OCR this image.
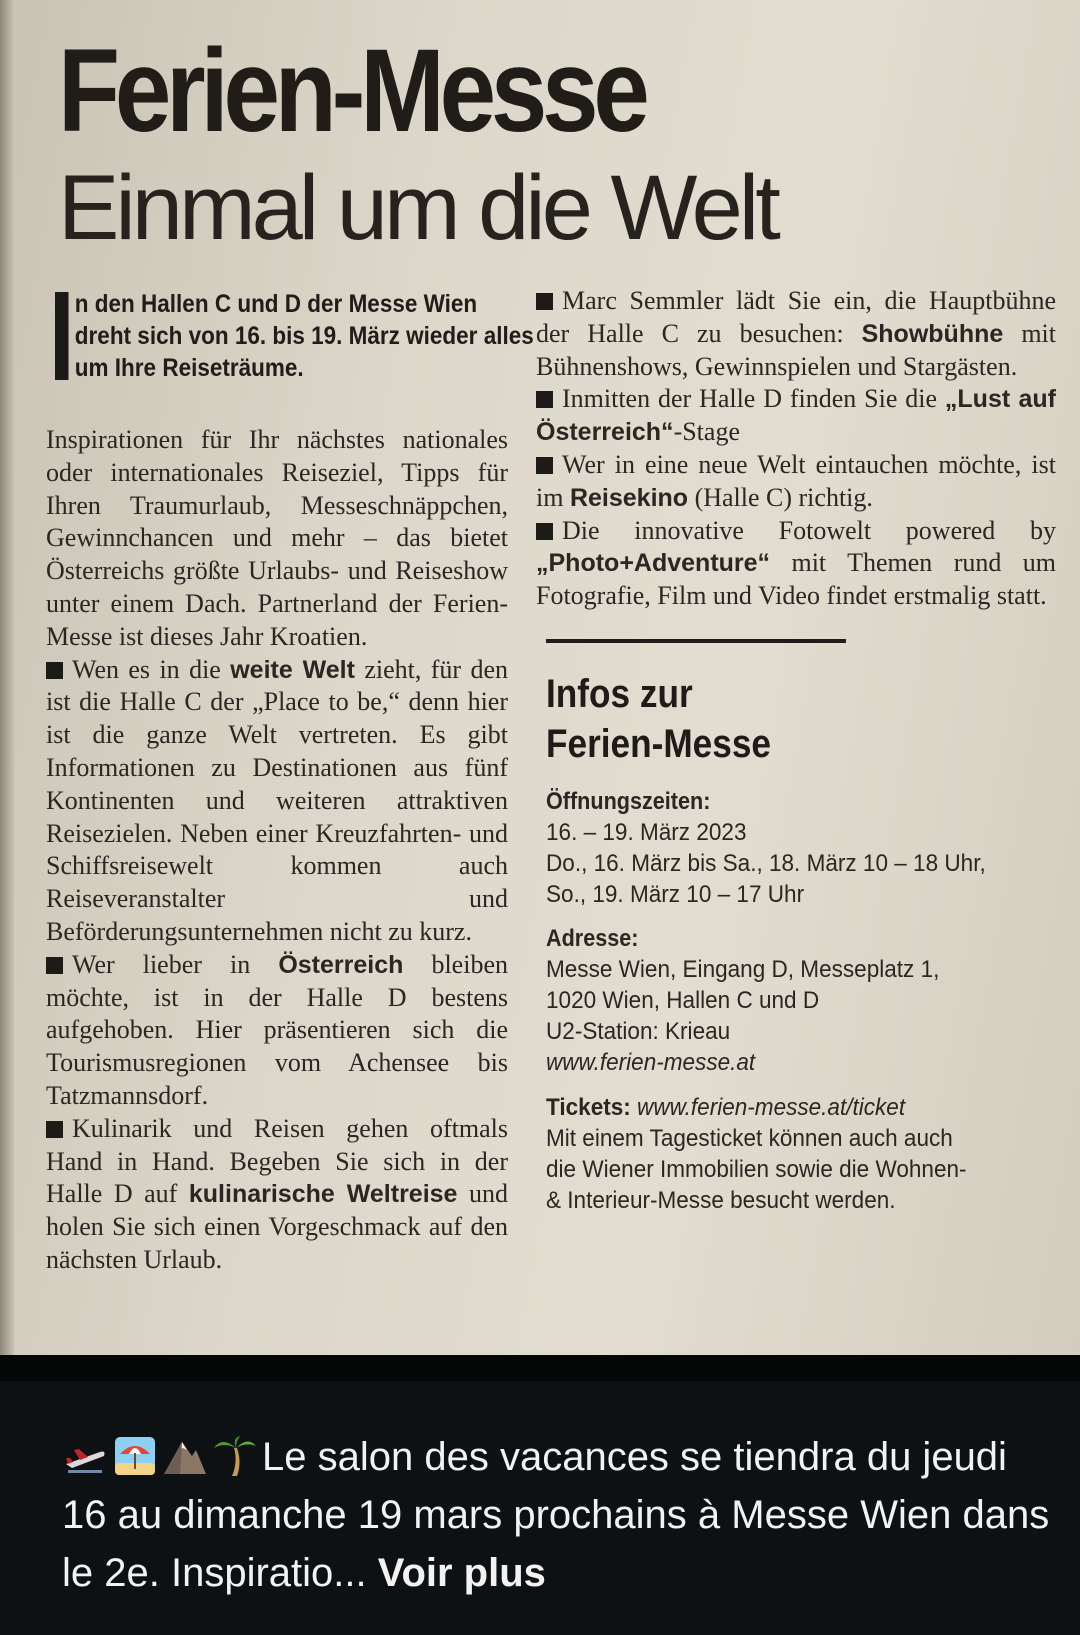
Ferien-Messe
Einmal um die Welt

n den Hallen C und D der Messe Wien dreht sich von 16. bis 19. März wieder alles um Ihre Reiseträume.

Inspirationen für Ihr nächstes nationales oder internationales Reiseziel, Tipps für Ihren Traumurlaub, Messeschnäppchen, Gewinnchancen und mehr – das bietet Österreichs größte Urlaubs- und Reiseshow unter einem Dach. Partnerland der Ferien-Messe ist dieses Jahr Kroatien.

Wen es in die weite Welt zieht, für den ist die Halle C der „Place to be,“ denn hier ist die ganze Welt vertreten. Es gibt Informationen zu Destinationen aus fünf Kontinenten und weiteren attraktiven Reisezielen. Neben einer Kreuzfahrten- und Schiffsreisewelt kommen auch Reiseveranstalter und Beförderungsunternehmen nicht zu kurz.

Wer lieber in Österreich bleiben möchte, ist in der Halle D bestens aufgehoben. Hier präsentieren sich die Tourismusregionen vom Achensee bis Tatzmannsdorf.

Kulinarik und Reisen gehen oftmals Hand in Hand. Begeben Sie sich in der Halle D auf kulinarische Weltreise und holen Sie sich einen Vorgeschmack auf den nächsten Urlaub.

Marc Semmler lädt Sie ein, die Hauptbühne der Halle C zu besuchen: Showbühne mit Bühnenshows, Gewinnspielen und Stargästen.

Inmitten der Halle D finden Sie die „Lust auf Österreich“-Stage

Wer in eine neue Welt eintauchen möchte, ist im Reisekino (Halle C) richtig.

Die innovative Fotowelt powered by „Photo+Adventure“ mit Themen rund um Fotografie, Film und Video findet erstmalig statt.

Infos zur
Ferien-Messe

Öffnungszeiten:

16. – 19. März 2023

Do., 16. März bis Sa., 18. März 10 – 18 Uhr,

So., 19. März 10 – 17 Uhr

Adresse:

Messe Wien, Eingang D, Messeplatz 1,

1020 Wien, Hallen C und D

U2-Station: Krieau

www.ferien-messe.at

Tickets: www.ferien-messe.at/ticket

Mit einem Tagesticket können auch auch

die Wiener Immobilien sowie die Wohnen-

& Interieur-Messe besucht werden.

Le salon des vacances se tiendra du jeudi 16 au dimanche 19 mars prochains à Messe Wien dans le 2e. Inspiratio... Voir plus
